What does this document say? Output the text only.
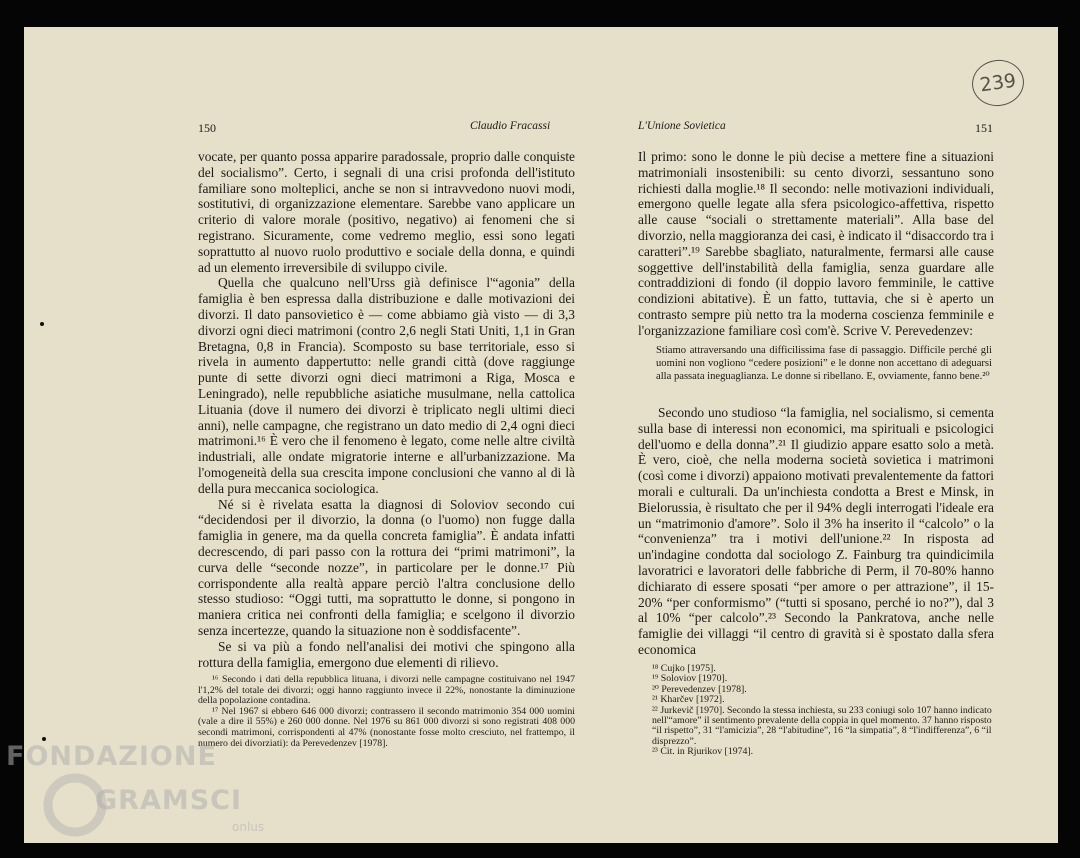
239
150	Claudio Fracassi

vocate, per quanto possa apparire paradossale, proprio dalle conquiste del socialismo”. Certo, i segnali di una crisi profonda dell'istituto familiare sono molteplici, anche se non si intravvedono nuovi modi, sostitutivi, di organizzazione elementare. Sarebbe vano applicare un criterio di valore morale (positivo, negativo) ai fenomeni che si registrano. Sicuramente, come vedremo meglio, essi sono legati soprattutto al nuovo ruolo produttivo e sociale della donna, e quindi ad un elemento irreversibile di sviluppo civile.

Quella che qualcuno nell'Urss già definisce l'“agonia” della famiglia è ben espressa dalla distribuzione e dalle motivazioni dei divorzi. Il dato pansovietico è — come abbiamo già visto — di 3,3 divorzi ogni dieci matrimoni (contro 2,6 negli Stati Uniti, 1,1 in Gran Bretagna, 0,8 in Francia). Scomposto su base territoriale, esso si rivela in aumento dappertutto: nelle grandi città (dove raggiunge punte di sette divorzi ogni dieci matrimoni a Riga, Mosca e Leningrado), nelle repubbliche asiatiche musulmane, nella cattolica Lituania (dove il numero dei divorzi è triplicato negli ultimi dieci anni), nelle campagne, che registrano un dato medio di 2,4 ogni dieci matrimoni.¹⁶ È vero che il fenomeno è legato, come nelle altre civiltà industriali, alle ondate migratorie interne e all'urbanizzazione. Ma l'omogeneità della sua crescita impone conclusioni che vanno al di là della pura meccanica sociologica.

Né si è rivelata esatta la diagnosi di Soloviov secondo cui “decidendosi per il divorzio, la donna (o l'uomo) non fugge dalla famiglia in genere, ma da quella concreta famiglia”. È andata infatti decrescendo, di pari passo con la rottura dei “primi matrimoni”, la curva delle “seconde nozze”, in particolare per le donne.¹⁷ Più corrispondente alla realtà appare perciò l'altra conclusione dello stesso studioso: “Oggi tutti, ma soprattutto le donne, si pongono in maniera critica nei confronti della famiglia; e scelgono il divorzio senza incertezze, quando la situazione non è soddisfacente”.

Se si va più a fondo nell'analisi dei motivi che spingono alla rottura della famiglia, emergono due elementi di rilievo.

¹⁶ Secondo i dati della repubblica lituana, i divorzi nelle campagne costituivano nel 1947 l'1,2% del totale dei divorzi; oggi hanno raggiunto invece il 22%, nonostante la diminuzione della popolazione contadina.

¹⁷ Nel 1967 si ebbero 646 000 divorzi; contrassero il secondo matrimonio 354 000 uomini (vale a dire il 55%) e 260 000 donne. Nel 1976 su 861 000 divorzi si sono registrati 408 000 secondi matrimoni, corrispondenti al 47% (nonostante fosse molto cresciuto, nel frattempo, il numero dei divorziati): da Perevedenzev [1978].

L'Unione Sovietica	151

Il primo: sono le donne le più decise a mettere fine a situazioni matrimoniali insostenibili: su cento divorzi, sessantuno sono richiesti dalla moglie.¹⁸ Il secondo: nelle motivazioni individuali, emergono quelle legate alla sfera psicologico-affettiva, rispetto alle cause “sociali o strettamente materiali”. Alla base del divorzio, nella maggioranza dei casi, è indicato il “disaccordo tra i caratteri”.¹⁹ Sarebbe sbagliato, naturalmente, fermarsi alle cause soggettive dell'instabilità della famiglia, senza guardare alle contraddizioni di fondo (il doppio lavoro femminile, le cattive condizioni abitative). È un fatto, tuttavia, che si è aperto un contrasto sempre più netto tra la moderna coscienza femminile e l'organizzazione familiare così com'è. Scrive V. Perevedenzev:

Stiamo attraversando una difficilissima fase di passaggio. Difficile perché gli uomini non vogliono “cedere posizioni” e le donne non accettano di adeguarsi alla passata ineguaglianza. Le donne si ribellano. E, ovviamente, fanno bene.²⁰

Secondo uno studioso “la famiglia, nel socialismo, si cementa sulla base di interessi non economici, ma spirituali e psicologici dell'uomo e della donna”.²¹ Il giudizio appare esatto solo a metà. È vero, cioè, che nella moderna società sovietica i matrimoni (così come i divorzi) appaiono motivati prevalentemente da fattori morali e culturali. Da un'inchiesta condotta a Brest e Minsk, in Bielorussia, è risultato che per il 94% degli interrogati l'ideale era un “matrimonio d'amore”. Solo il 3% ha inserito il “calcolo” o la “convenienza” tra i motivi dell'unione.²² In risposta ad un'indagine condotta dal sociologo Z. Fainburg tra quindicimila lavoratrici e lavoratori delle fabbriche di Perm, il 70-80% hanno dichiarato di essere sposati “per amore o per attrazione”, il 15-20% “per conformismo” (“tutti si sposano, perché io no?”), dal 3 al 10% “per calcolo”.²³ Secondo la Pankratova, anche nelle famiglie dei villaggi “il centro di gravità si è spostato dalla sfera economica

¹⁸ Cujko [1975].
¹⁹ Soloviov [1970].
²⁰ Perevedenzev [1978].
²¹ Kharčev [1972].
²² Jurkevič [1970]. Secondo la stessa inchiesta, su 233 coniugi solo 107 hanno indicato nell'“amore” il sentimento prevalente della coppia in quel momento. 37 hanno risposto “il rispetto”, 31 “l'amicizia”, 28 “l'abitudine”, 16 “la simpatia”, 8 “l'indifferenza”, 6 “il disprezzo”.
²³ Cit. in Rjurikov [1974].
FONDAZIONE
GRAMSCI
onlus
